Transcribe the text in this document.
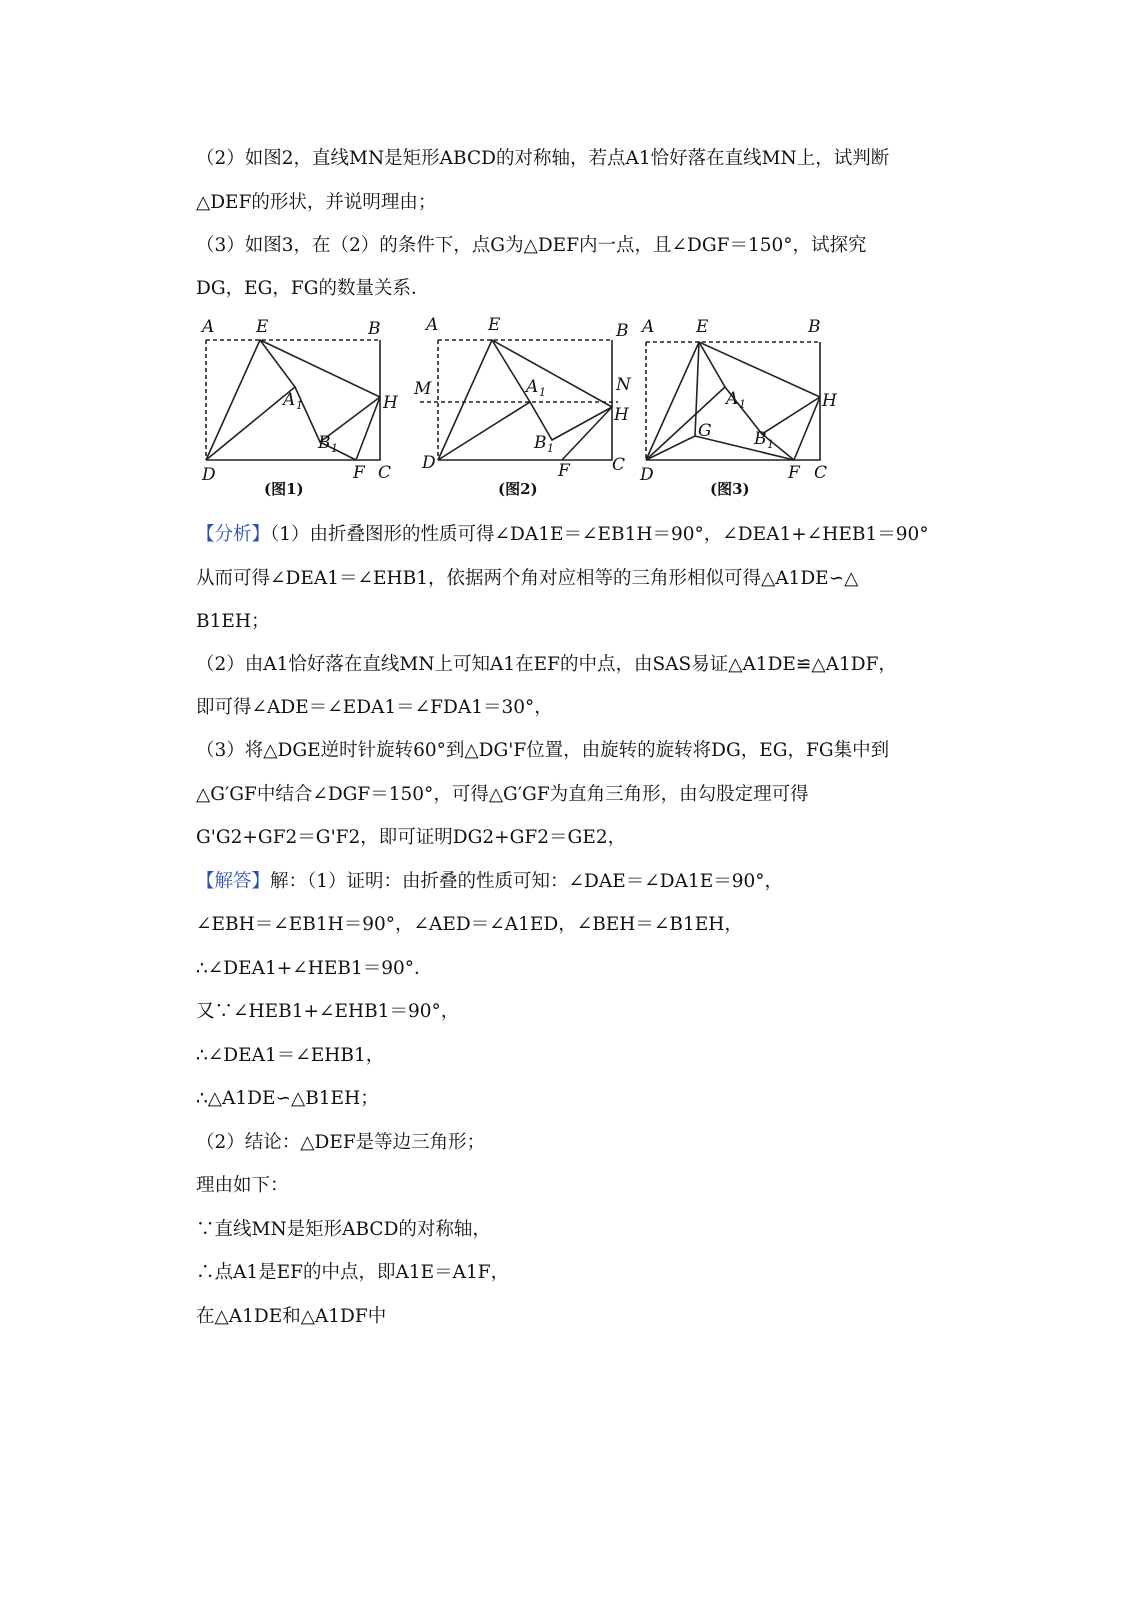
（2）如图2，直线MN是矩形ABCD的对称轴，若点A1恰好落在直线MN上，试判断
△DEF的形状，并说明理由；
（3）如图3，在（2）的条件下，点G为△DEF内一点，且∠DGF＝150°，试探究
DG，EG，FG的数量关系．
A E	B
A 1	H
B 1
D	F C
(图1)
A	E	B
M	N
A 1
H
B 1
D	F C
(图2)
A E	B
A 1	H
G B 1
D	F C
(图3)
【分析】（1）由折叠图形的性质可得∠DA1E＝∠EB1H＝90°，∠DEA1+∠HEB1＝90°
从而可得∠DEA1＝∠EHB1，依据两个角对应相等的三角形相似可得△A1DE∽△
B1EH；
（2）由A1恰好落在直线MN上可知A1在EF的中点，由SAS易证△A1DE≌△A1DF，
即可得∠ADE＝∠EDA1＝∠FDA1＝30°，
（3）将△DGE逆时针旋转60°到△DG'F位置，由旋转的旋转将DG，EG，FG集中到
△G′GF中结合∠DGF＝150°，可得△G′GF为直角三角形，由勾股定理可得
G'G2+GF2＝G'F2，即可证明DG2+GF2＝GE2，
【解答】解：（1）证明：由折叠的性质可知：∠DAE＝∠DA1E＝90°，
∠EBH＝∠EB1H＝90°，∠AED＝∠A1ED，∠BEH＝∠B1EH，
∴∠DEA1+∠HEB1＝90°．
又∵∠HEB1+∠EHB1＝90°，
∴∠DEA1＝∠EHB1，
∴△A1DE∽△B1EH；
（2）结论：△DEF是等边三角形；
理由如下：
∵直线MN是矩形ABCD的对称轴，
∴点A1是EF的中点，即A1E＝A1F，
在△A1DE和△A1DF中
